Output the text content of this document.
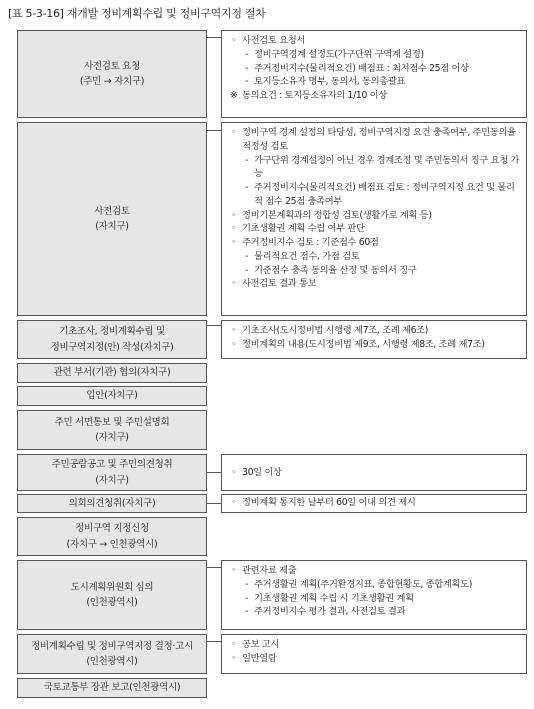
[표 5-3-16] 재개발 정비계획수립 및 정비구역지정 절차
사전검토 요청
(주민 → 자치구)
사전검토
(자치구)
기초조사, 정비계획수립 및
정비구역지정(안) 작성(자치구)
관련 부서(기관) 협의(자치구)
입안(자치구)
주민 서면통보 및 주민설명회
(자치구)
주민공람공고 및 주민의견청취
(자치구)
의회의견청취(자치구)
정비구역 지정신청
(자치구 → 인천광역시)
도시계획위원회 심의
(인천광역시)
정비계획수립 및 정비구역지정 결정·고시
(인천광역시)
국토교통부 장관 보고(인천광역시)
◦ 사전검토 요청서
- 정비구역경계 설정도(가구단위 구역계 설정)
- 주거정비지수(물리적요건) 배점표 : 최저점수 25점 이상
- 토지등소유자 명부, 동의서, 동의총괄표
※ 동의요건 : 토지등소유자의 1/10 이상
◦ 정비구역 경계 설정의 타당성, 정비구역지정 요건 충족여부, 주민동의율 적정성 검토
- 가구단위 경계설정이 아닌 경우 경계조정 및 주민동의서 징구 요청 가능
- 주거정비지수(물리적요건) 배점표 검토 : 정비구역지정 요건 및 물리적 점수 25점 충족여부
◦ 정비기본계획과의 정합성 검토(생활가로 계획 등)
◦ 기초생활권 계획 수립 여부 판단
◦ 주거정비지수 검토 : 기준점수 60점
- 물리적요건 점수, 가점 검토
- 기준점수 충족 동의율 산정 및 동의서 징구
◦ 사전검토 결과 통보
◦ 기초조사(도시정비법 시행령 제7조, 조례 제6조)
◦ 정비계획의 내용(도시정비법 제9조, 시행령 제8조, 조례 제7조)
◦ 30일 이상
◦ 정비계획 통지한 날부터 60일 이내 의견 제시
◦ 관련자료 제출
- 주거생활권 계획(주거환경지표, 종합현황도, 종합계획도)
- 기초생활권 계획 수립 시 기초생활권 계획
- 주거정비지수 평가 결과, 사전검토 결과
◦ 공보 고시
◦ 일반열람
